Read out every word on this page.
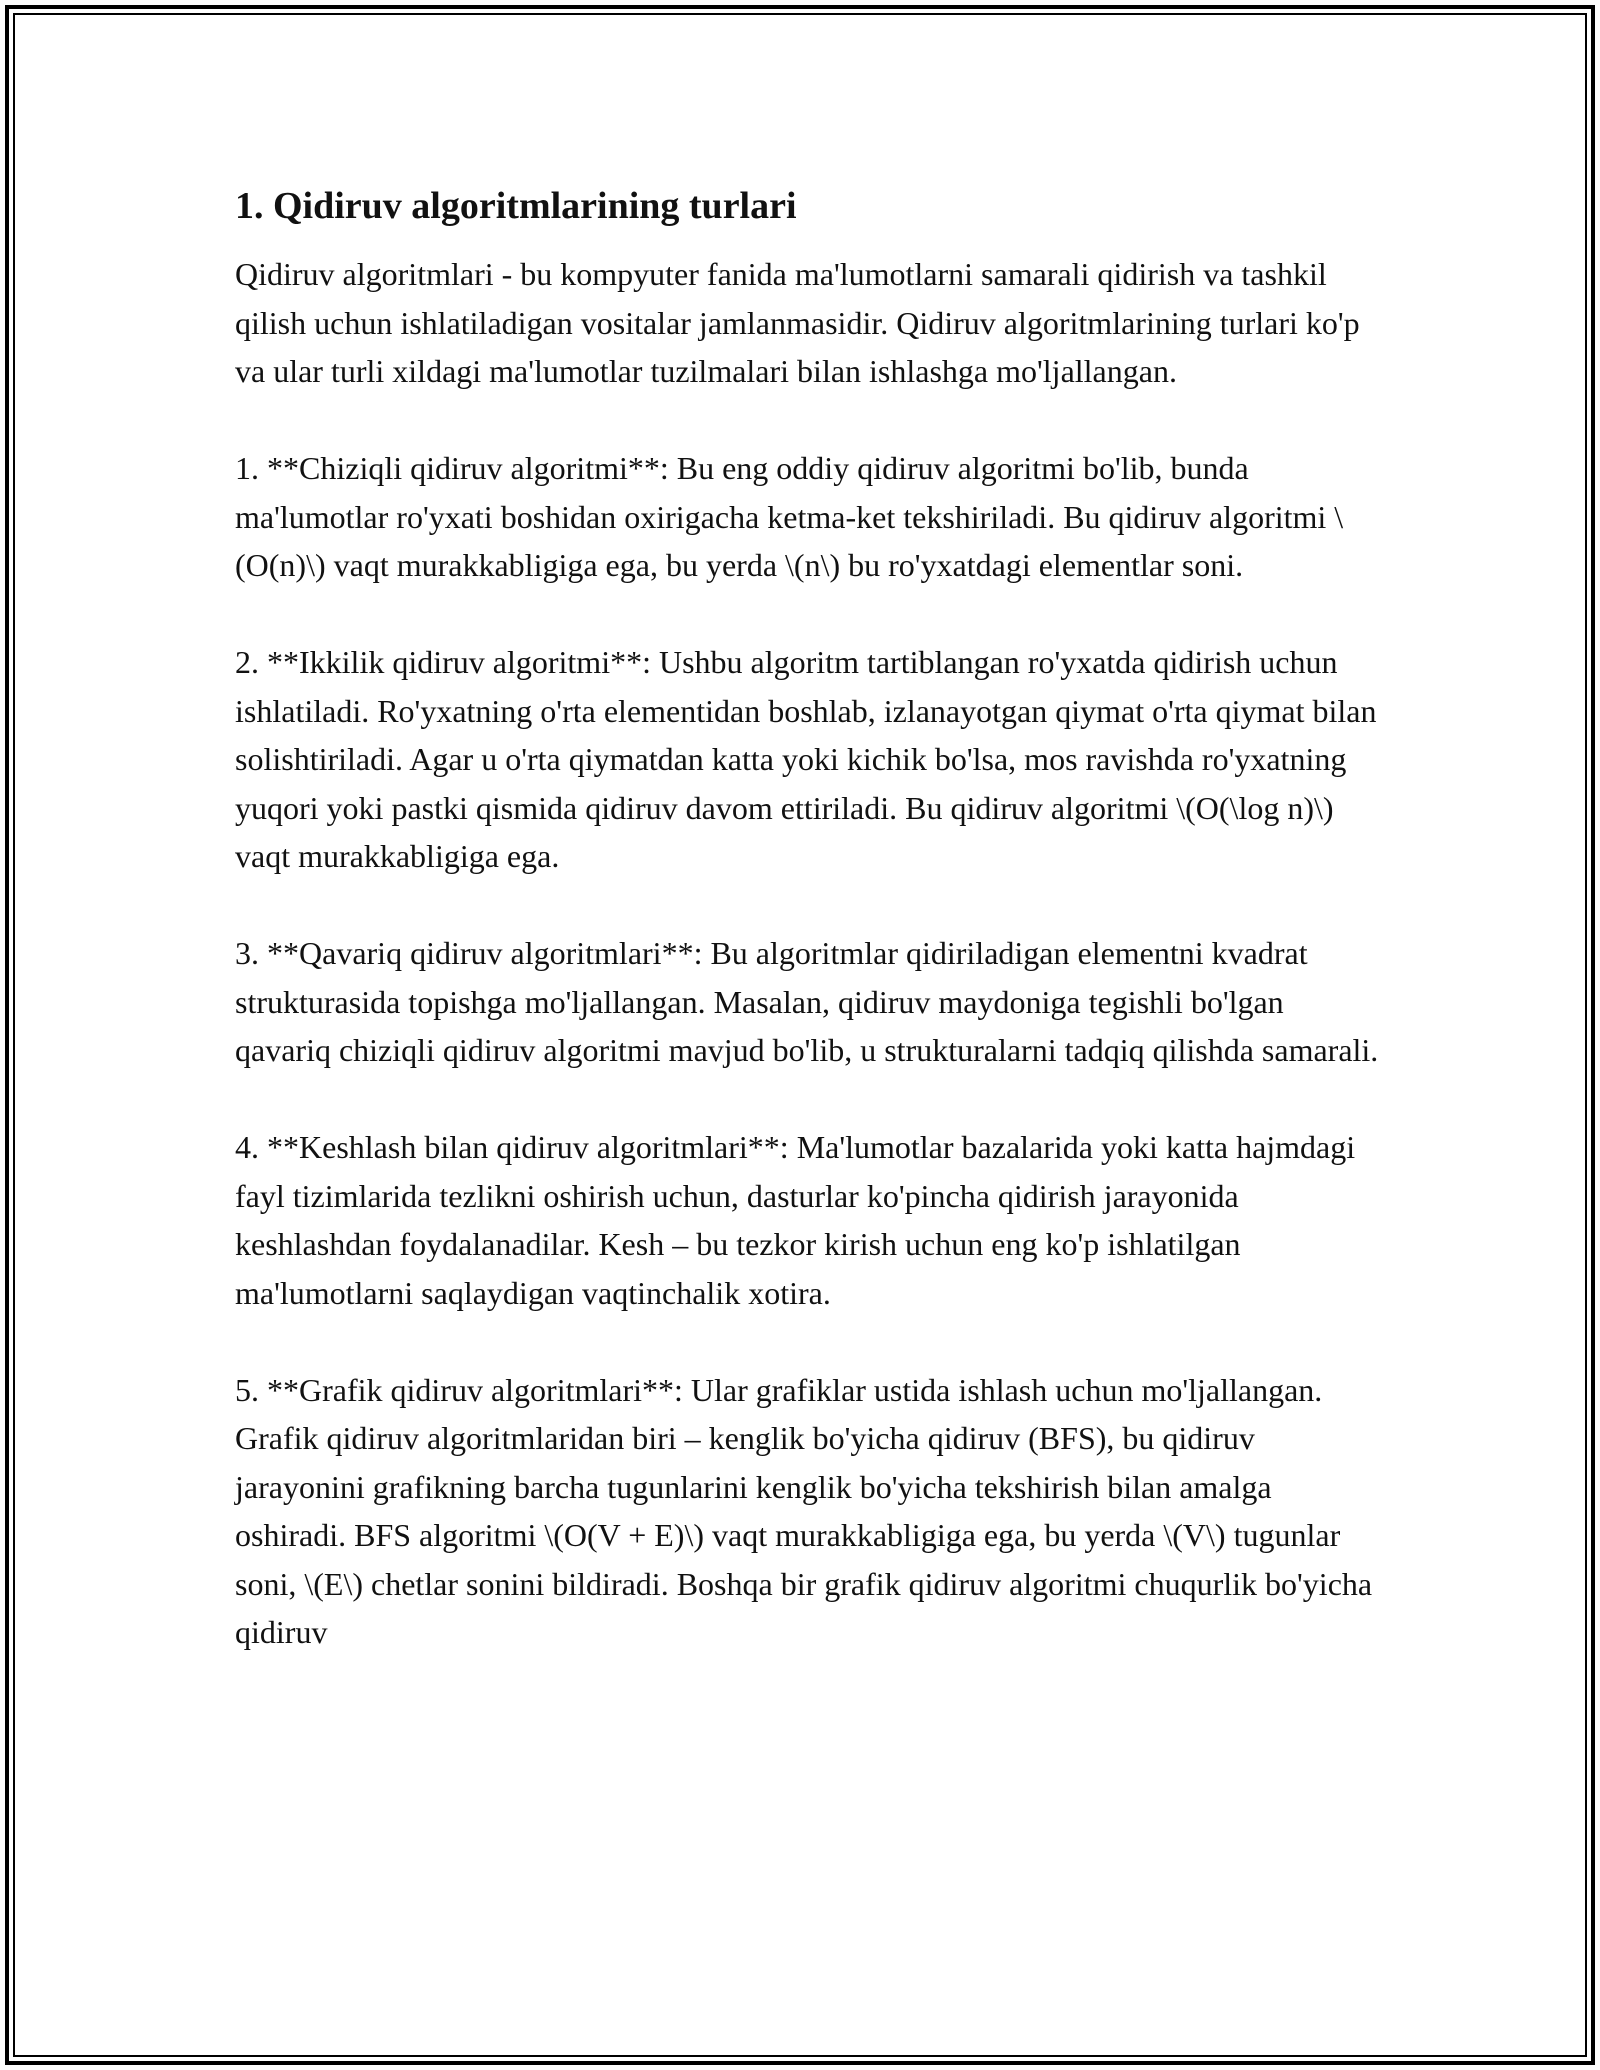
1. Qidiruv algoritmlarining turlari

Qidiruv algoritmlari - bu kompyuter fanida ma'lumotlarni samarali qidirish va tashkil qilish uchun ishlatiladigan vositalar jamlanmasidir. Qidiruv algoritmlarining turlari ko'p va ular turli xildagi ma'lumotlar tuzilmalari bilan ishlashga mo'ljallangan.

1. **Chiziqli qidiruv algoritmi**: Bu eng oddiy qidiruv algoritmi bo'lib, bunda ma'lumotlar ro'yxati boshidan oxirigacha ketma-ket tekshiriladi. Bu qidiruv algoritmi \(O(n)\) vaqt murakkabligiga ega, bu yerda \(n\) bu ro'yxatdagi elementlar soni.

2. **Ikkilik qidiruv algoritmi**: Ushbu algoritm tartiblangan ro'yxatda qidirish uchun ishlatiladi. Ro'yxatning o'rta elementidan boshlab, izlanayotgan qiymat o'rta qiymat bilan solishtiriladi. Agar u o'rta qiymatdan katta yoki kichik bo'lsa, mos ravishda ro'yxatning yuqori yoki pastki qismida qidiruv davom ettiriladi. Bu qidiruv algoritmi \(O(\log n)\) vaqt murakkabligiga ega.

3. **Qavariq qidiruv algoritmlari**: Bu algoritmlar qidiriladigan elementni kvadrat strukturasida topishga mo'ljallangan. Masalan, qidiruv maydoniga tegishli bo'lgan qavariq chiziqli qidiruv algoritmi mavjud bo'lib, u strukturalarni tadqiq qilishda samarali.

4. **Keshlash bilan qidiruv algoritmlari**: Ma'lumotlar bazalarida yoki katta hajmdagi fayl tizimlarida tezlikni oshirish uchun, dasturlar ko'pincha qidirish jarayonida keshlashdan foydalanadilar. Kesh – bu tezkor kirish uchun eng ko'p ishlatilgan ma'lumotlarni saqlaydigan vaqtinchalik xotira.

5. **Grafik qidiruv algoritmlari**: Ular grafiklar ustida ishlash uchun mo'ljallangan. Grafik qidiruv algoritmlaridan biri – kenglik bo'yicha qidiruv (BFS), bu qidiruv jarayonini grafikning barcha tugunlarini kenglik bo'yicha tekshirish bilan amalga oshiradi. BFS algoritmi \(O(V + E)\) vaqt murakkabligiga ega, bu yerda \(V\) tugunlar soni, \(E\) chetlar sonini bildiradi. Boshqa bir grafik qidiruv algoritmi chuqurlik bo'yicha qidiruv
